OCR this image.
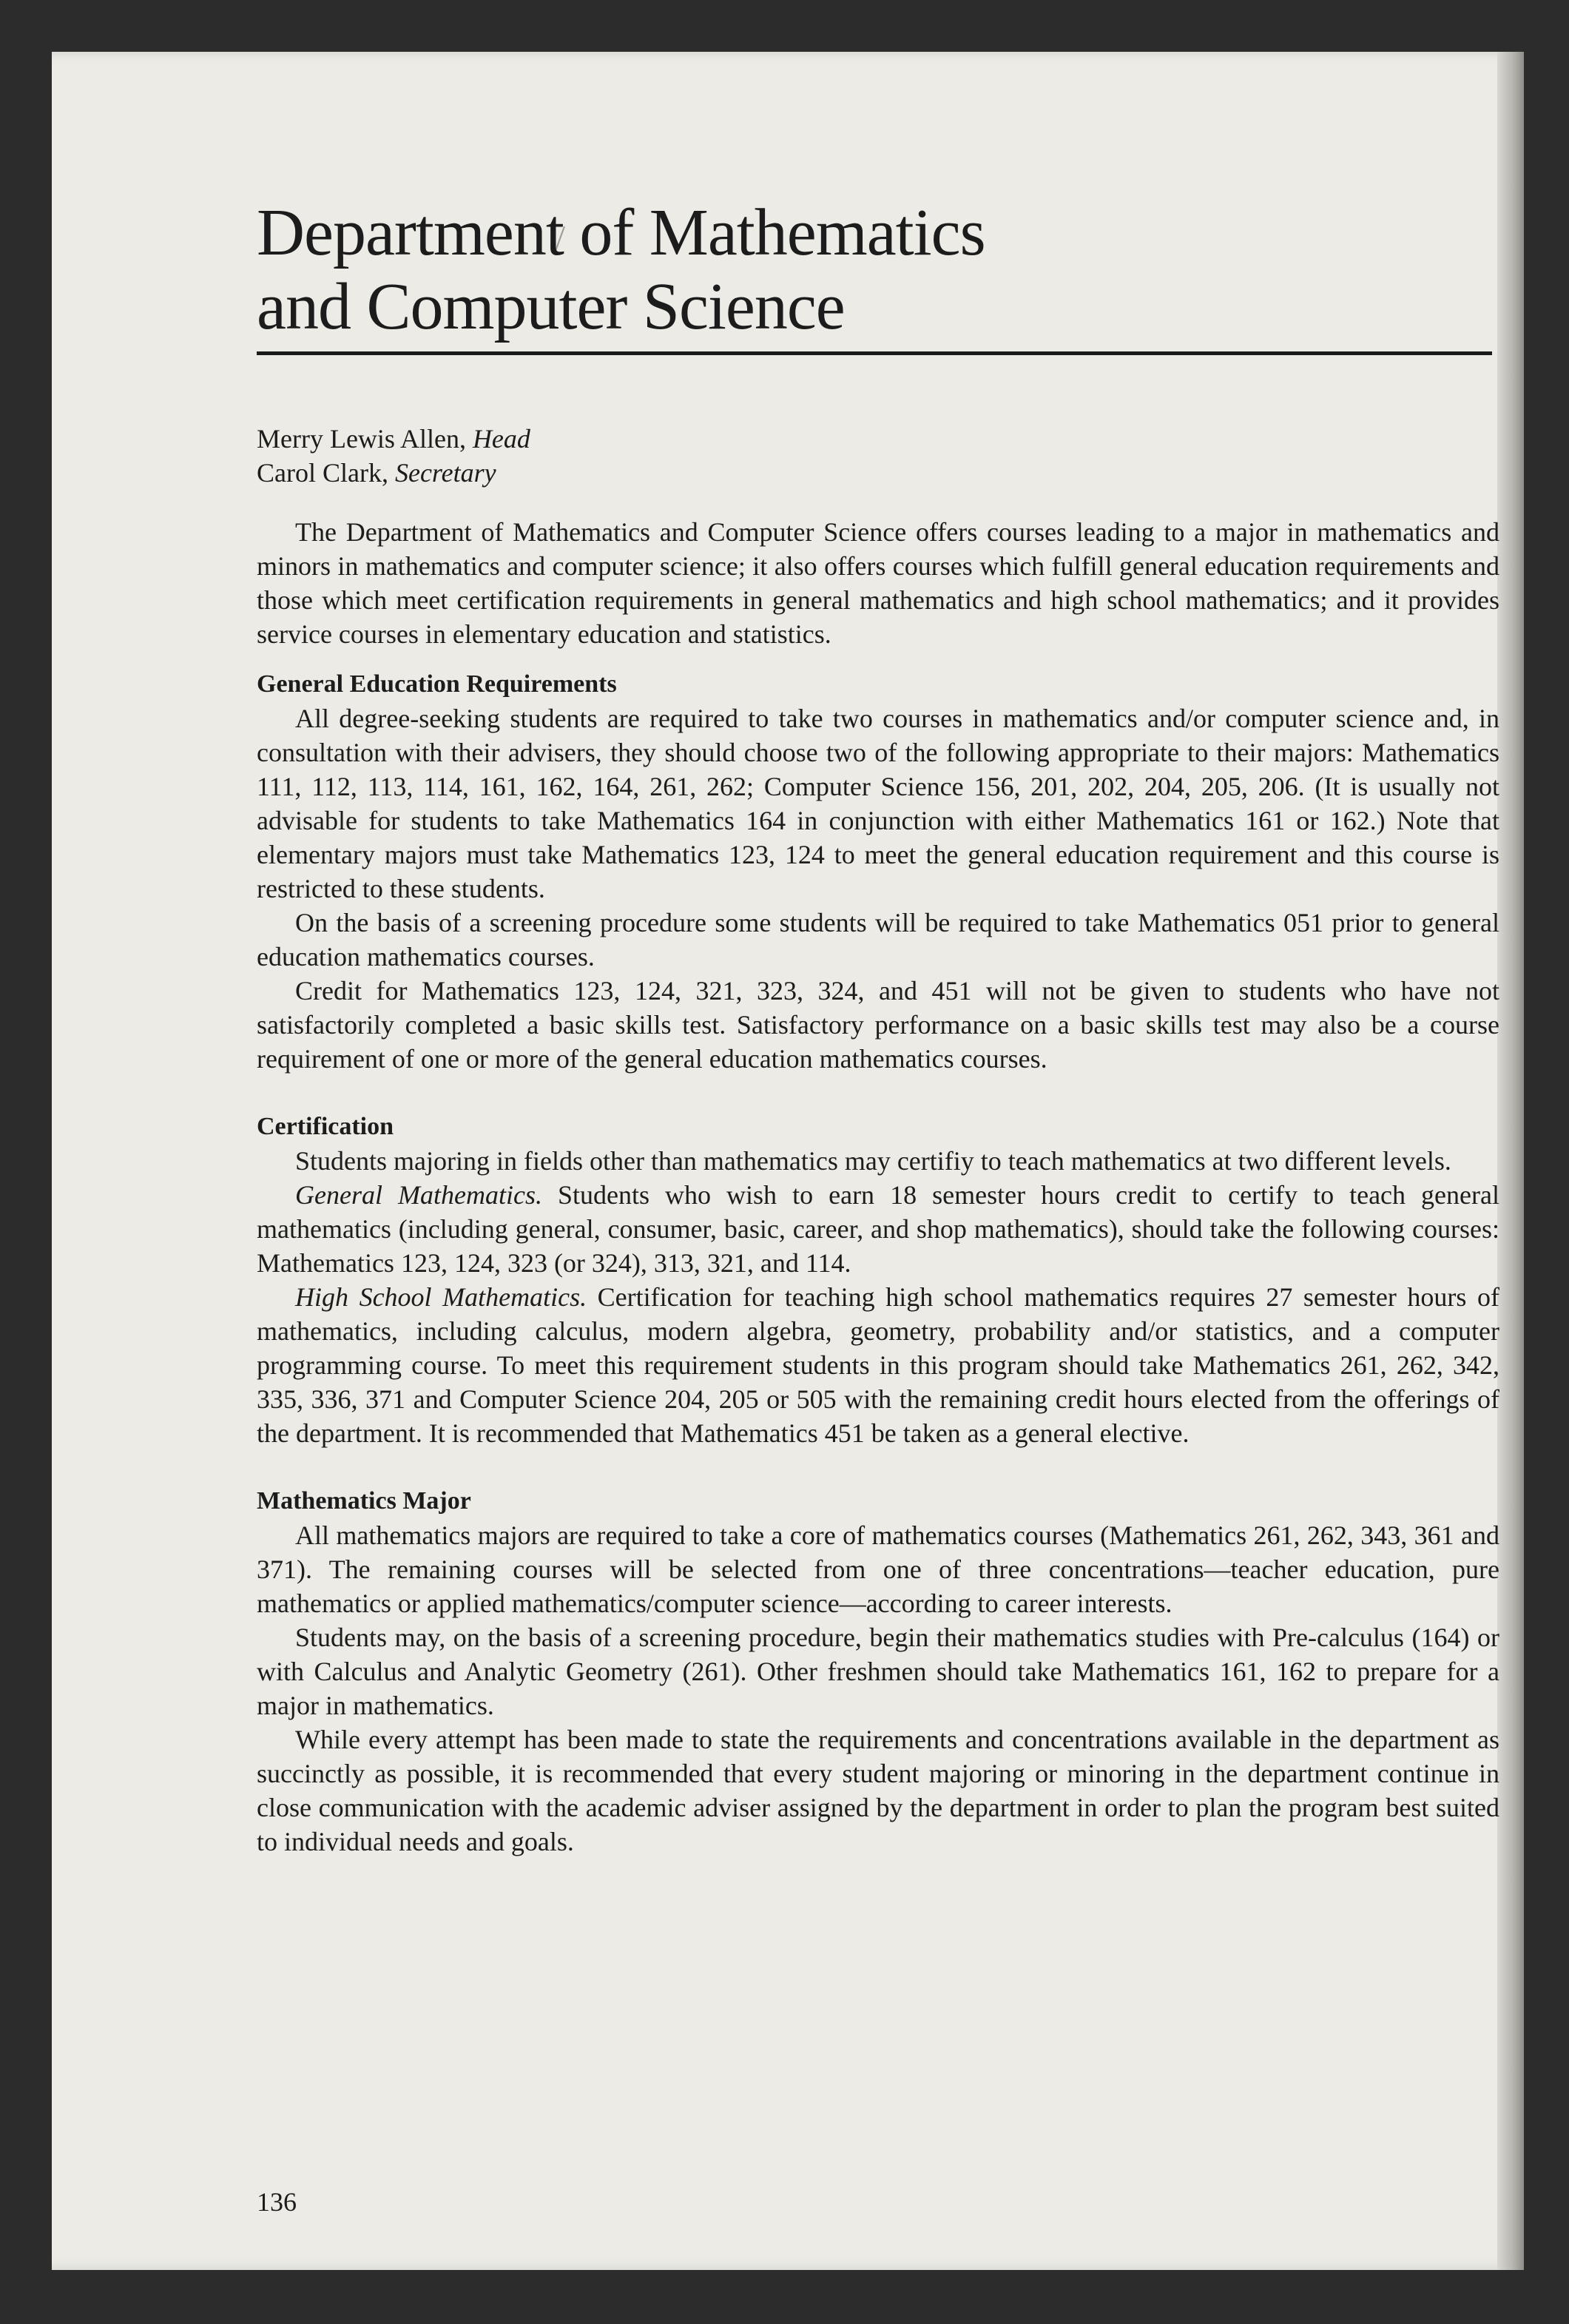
Department of Mathematics
and Computer Science
Merry Lewis Allen, Head
Carol Clark, Secretary

The Department of Mathematics and Computer Science offers courses leading to a major in mathematics and minors in mathematics and computer science; it also offers courses which fulfill general education requirements and those which meet certification requirements in general mathematics and high school mathematics; and it provides service courses in elementary education and statistics.

General Education Requirements

All degree-seeking students are required to take two courses in mathematics and/or computer science and, in consultation with their advisers, they should choose two of the following appropriate to their majors: Mathematics 111, 112, 113, 114, 161, 162, 164, 261, 262; Computer Science 156, 201, 202, 204, 205, 206. (It is usually not advisable for students to take Mathematics 164 in conjunction with either Mathematics 161 or 162.) Note that elementary majors must take Mathematics 123, 124 to meet the general education requirement and this course is restricted to these students.

On the basis of a screening procedure some students will be required to take Mathematics 051 prior to general education mathematics courses.

Credit for Mathematics 123, 124, 321, 323, 324, and 451 will not be given to students who have not satisfactorily completed a basic skills test. Satisfactory performance on a basic skills test may also be a course requirement of one or more of the general education mathematics courses.

Certification

Students majoring in fields other than mathematics may certifiy to teach mathematics at two different levels.

General Mathematics. Students who wish to earn 18 semester hours credit to certify to teach general mathematics (including general, consumer, basic, career, and shop mathematics), should take the following courses: Mathematics 123, 124, 323 (or 324), 313, 321, and 114.

High School Mathematics. Certification for teaching high school mathematics requires 27 semester hours of mathematics, including calculus, modern algebra, geometry, probability and/or statistics, and a computer programming course. To meet this requirement students in this program should take Mathematics 261, 262, 342, 335, 336, 371 and Computer Science 204, 205 or 505 with the remaining credit hours elected from the offerings of the department. It is recommended that Mathematics 451 be taken as a general elective.

Mathematics Major

All mathematics majors are required to take a core of mathematics courses (Mathematics 261, 262, 343, 361 and 371). The remaining courses will be selected from one of three concentrations—teacher education, pure mathematics or applied mathematics/computer science—according to career interests.

Students may, on the basis of a screening procedure, begin their mathematics studies with Pre-calculus (164) or with Calculus and Analytic Geometry (261). Other freshmen should take Mathematics 161, 162 to prepare for a major in mathematics.

While every attempt has been made to state the requirements and concentrations available in the department as succinctly as possible, it is recommended that every student majoring or minoring in the department continue in close communication with the academic adviser assigned by the department in order to plan the program best suited to individual needs and goals.

136
